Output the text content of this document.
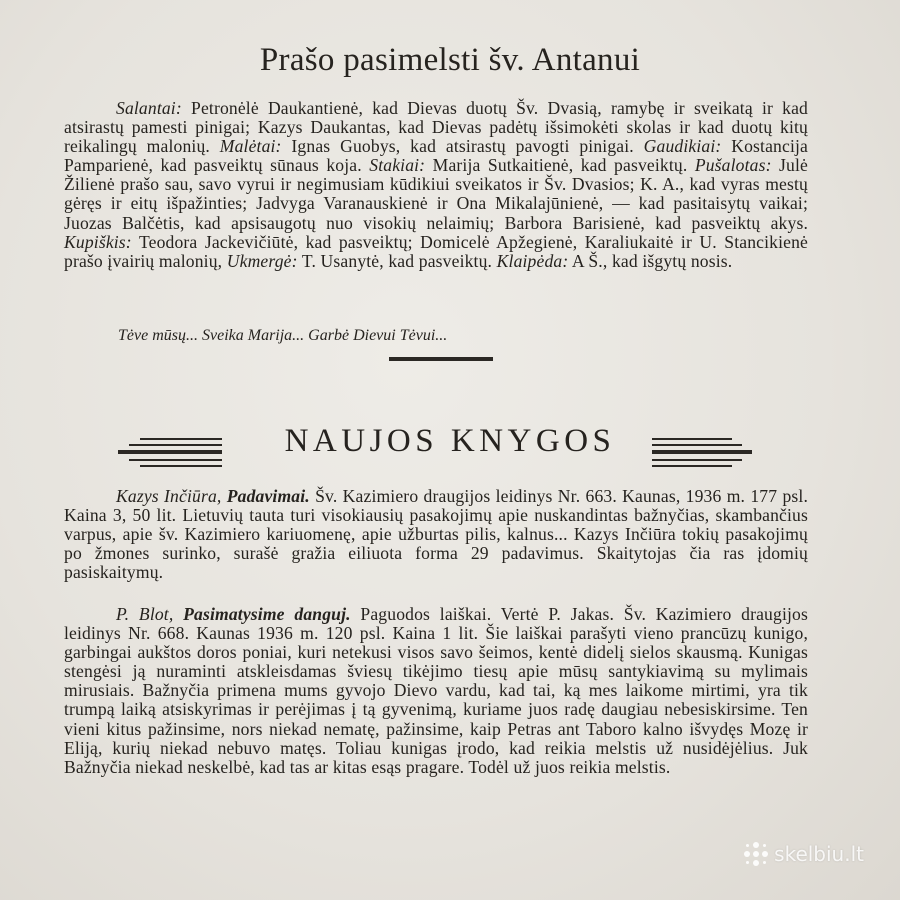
Prašo pasimelsti šv. Antanui

Salantai: Petronėlė Daukantienė, kad Dievas duotų Šv. Dvasią, ramybę ir sveikatą ir kad atsirastų pamesti pinigai; Kazys Daukantas, kad Dievas padėtų išsimokėti skolas ir kad duotų kitų reikalingų malonių. Malėtai: Ignas Guobys, kad atsirastų pavogti pinigai. Gaudikiai: Kostancija Pamparienė, kad pasveiktų sūnaus koja. Stakiai: Marija Sutkaitienė, kad pasveiktų. Pušalotas: Julė Žilienė prašo sau, savo vyrui ir negimusiam kūdikiui sveikatos ir Šv. Dvasios; K. A., kad vyras mestų gėręs ir eitų išpažinties; Jadvyga Varanauskienė ir Ona Mikalajūnienė, — kad pasitaisytų vaikai; Juozas Balčėtis, kad apsisaugotų nuo visokių nelaimių; Barbora Barisienė, kad pasveiktų akys. Kupiškis: Teodora Jackevičiūtė, kad pasveiktų; Domicelė Apžegienė, Karaliukaitė ir U. Stancikienė prašo įvairių malonių, Ukmergė: T. Usanytė, kad pasveiktų. Klaipėda: A Š., kad išgytų nosis.

Tėve mūsų... Sveika Marija... Garbė Dievui Tėvui...

NAUJOS KNYGOS

Kazys Inčiūra, Padavimai. Šv. Kazimiero draugijos leidinys Nr. 663. Kaunas, 1936 m. 177 psl. Kaina 3, 50 lit. Lietuvių tauta turi visokiausių pasakojimų apie nuskandintas bažnyčias, skambančius varpus, apie šv. Kazimiero kariuomenę, apie užburtas pilis, kalnus... Kazys Inčiūra tokių pasakojimų po žmones surinko, surašė gražia eiliuota forma 29 padavimus. Skaitytojas čia ras įdomių pasiskaitymų.

P. Blot, Pasimatysime danguj. Paguodos laiškai. Vertė P. Jakas. Šv. Kazimiero draugijos leidinys Nr. 668. Kaunas 1936 m. 120 psl. Kaina 1 lit. Šie laiškai parašyti vieno prancūzų kunigo, garbingai aukštos doros poniai, kuri netekusi visos savo šeimos, kentė didelį sielos skausmą. Kunigas stengėsi ją nuraminti atskleisdamas šviesų tikėjimo tiesų apie mūsų santykiavimą su mylimais mirusiais. Bažnyčia primena mums gyvojo Dievo vardu, kad tai, ką mes laikome mirtimi, yra tik trumpą laiką atsiskyrimas ir perėjimas į tą gyvenimą, kuriame juos radę daugiau nebesiskirsime. Ten vieni kitus pažinsime, nors niekad nematę, pažinsime, kaip Petras ant Taboro kalno išvydęs Mozę ir Eliją, kurių niekad nebuvo matęs. Toliau kunigas įrodo, kad reikia melstis už nusidėjėlius. Juk Bažnyčia niekad neskelbė, kad tas ar kitas esąs pragare. Todėl už juos reikia melstis.

skelbiu.lt
